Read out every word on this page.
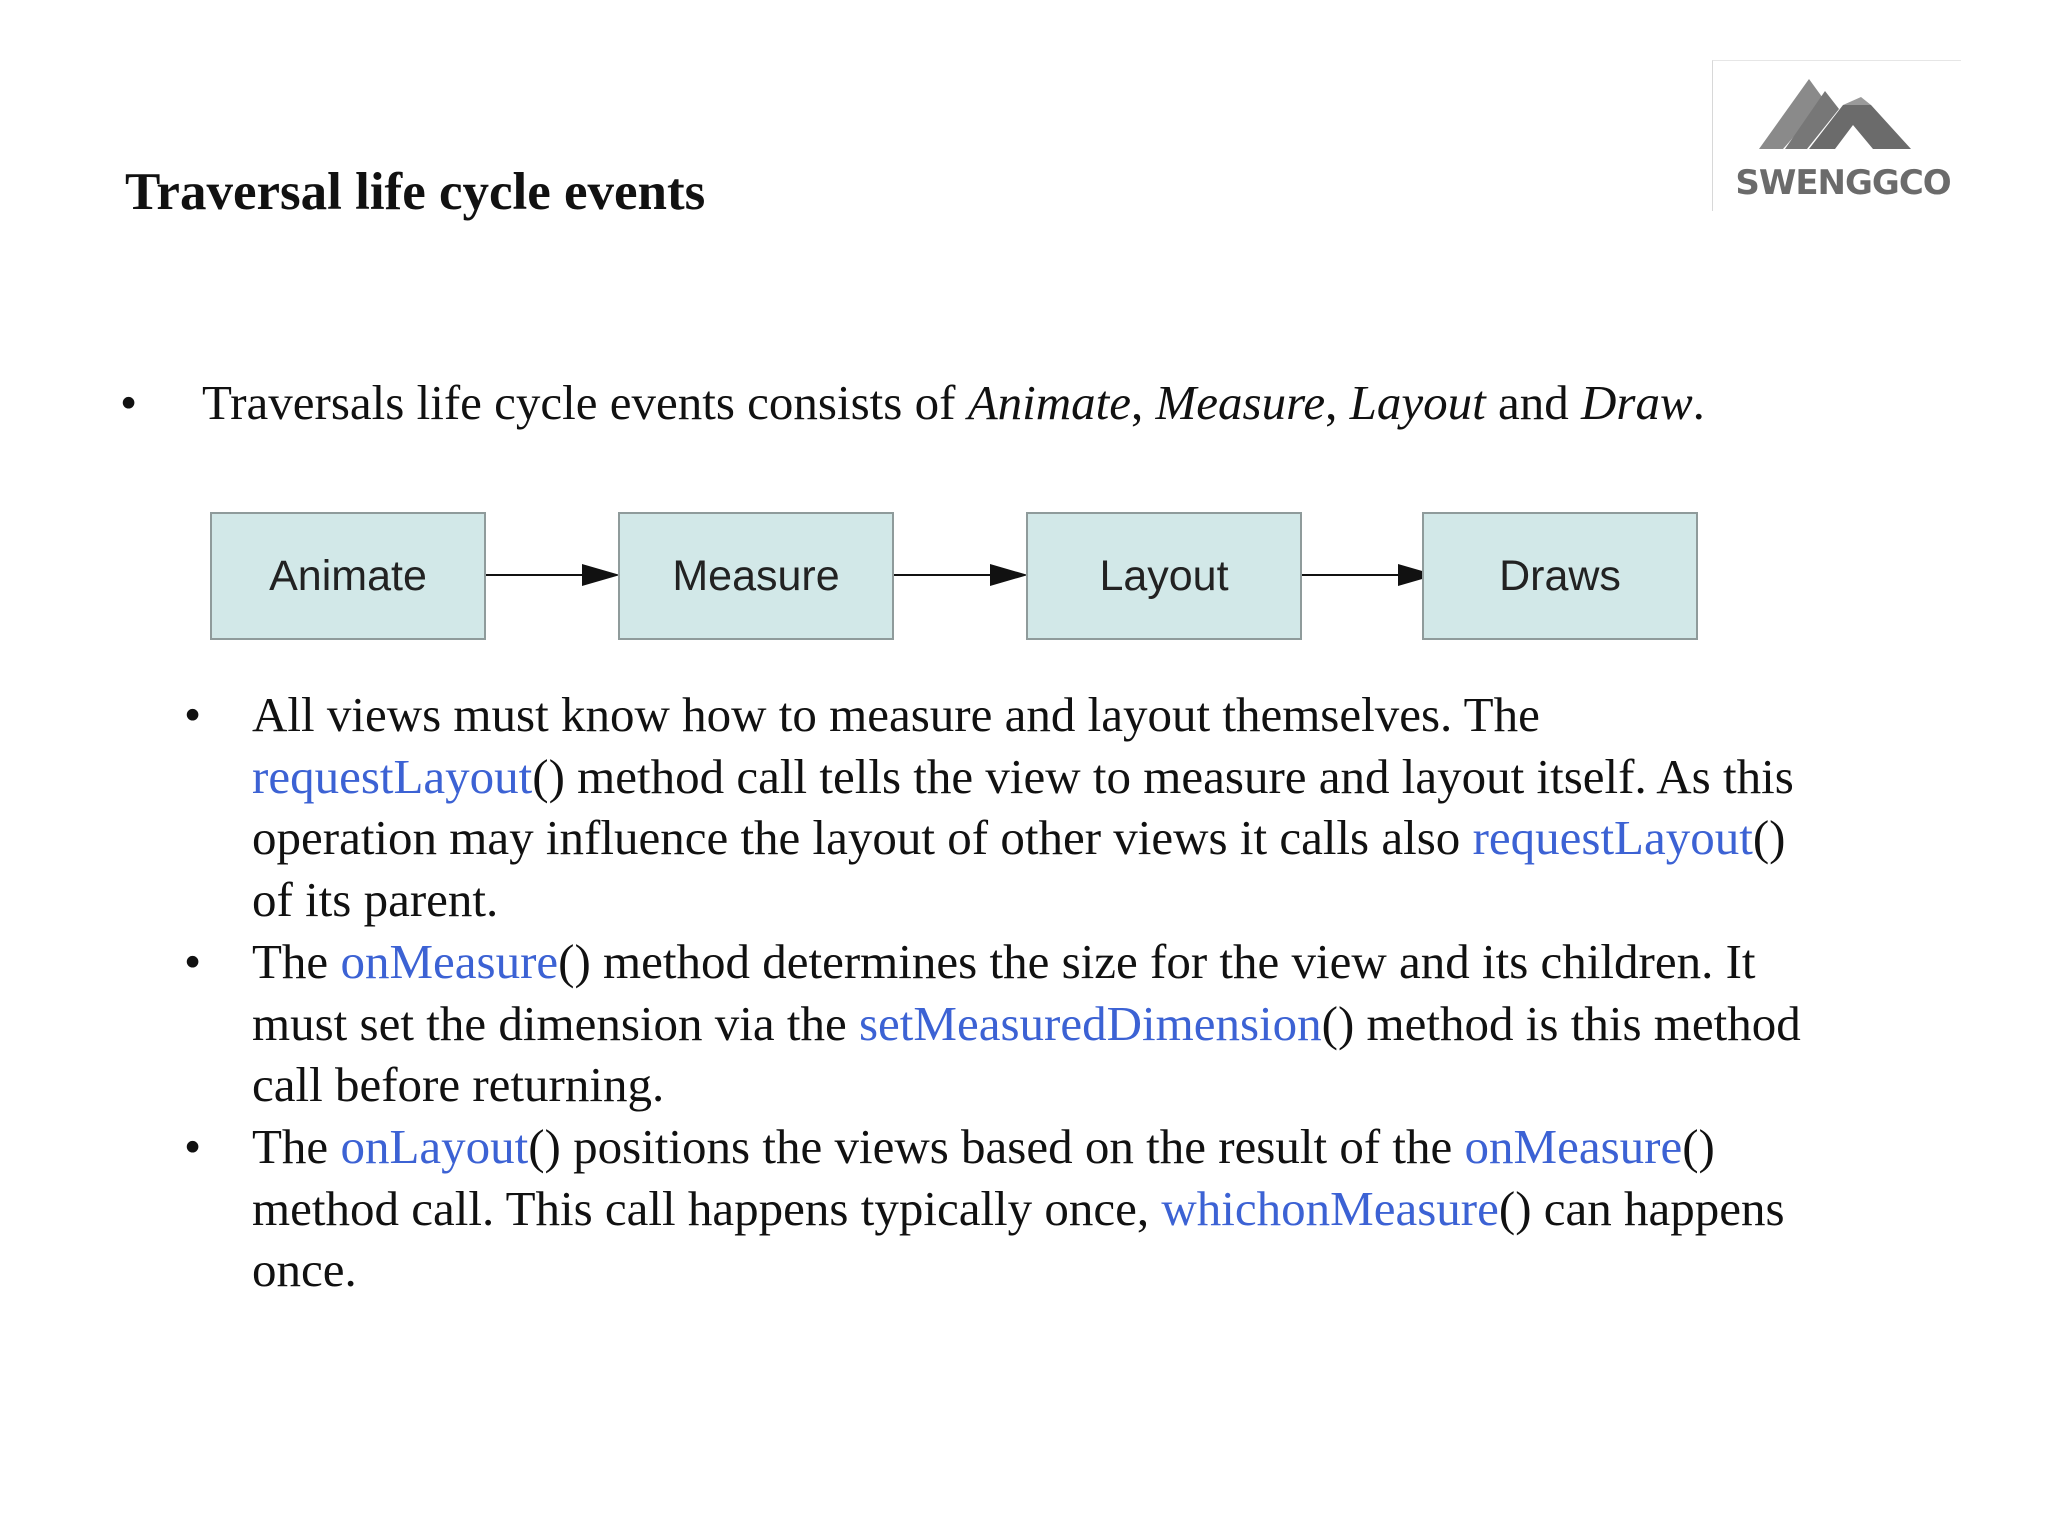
Traversal life cycle events	SWENGGCO
• Traversals life cycle events consists of Animate, Measure, Layout and Draw.
Animate	Measure	Layout	Draws
• All views must know how to measure and layout themselves. The requestLayout() method call tells the view to measure and layout itself. As this operation may influence the layout of other views it calls also requestLayout() of its parent.
• The onMeasure() method determines the size for the view and its children. It must set the dimension via the setMeasuredDimension() method is this method call before returning.
• The onLayout() positions the views based on the result of the onMeasure() method call. This call happens typically once, whichonMeasure() can happens once.
